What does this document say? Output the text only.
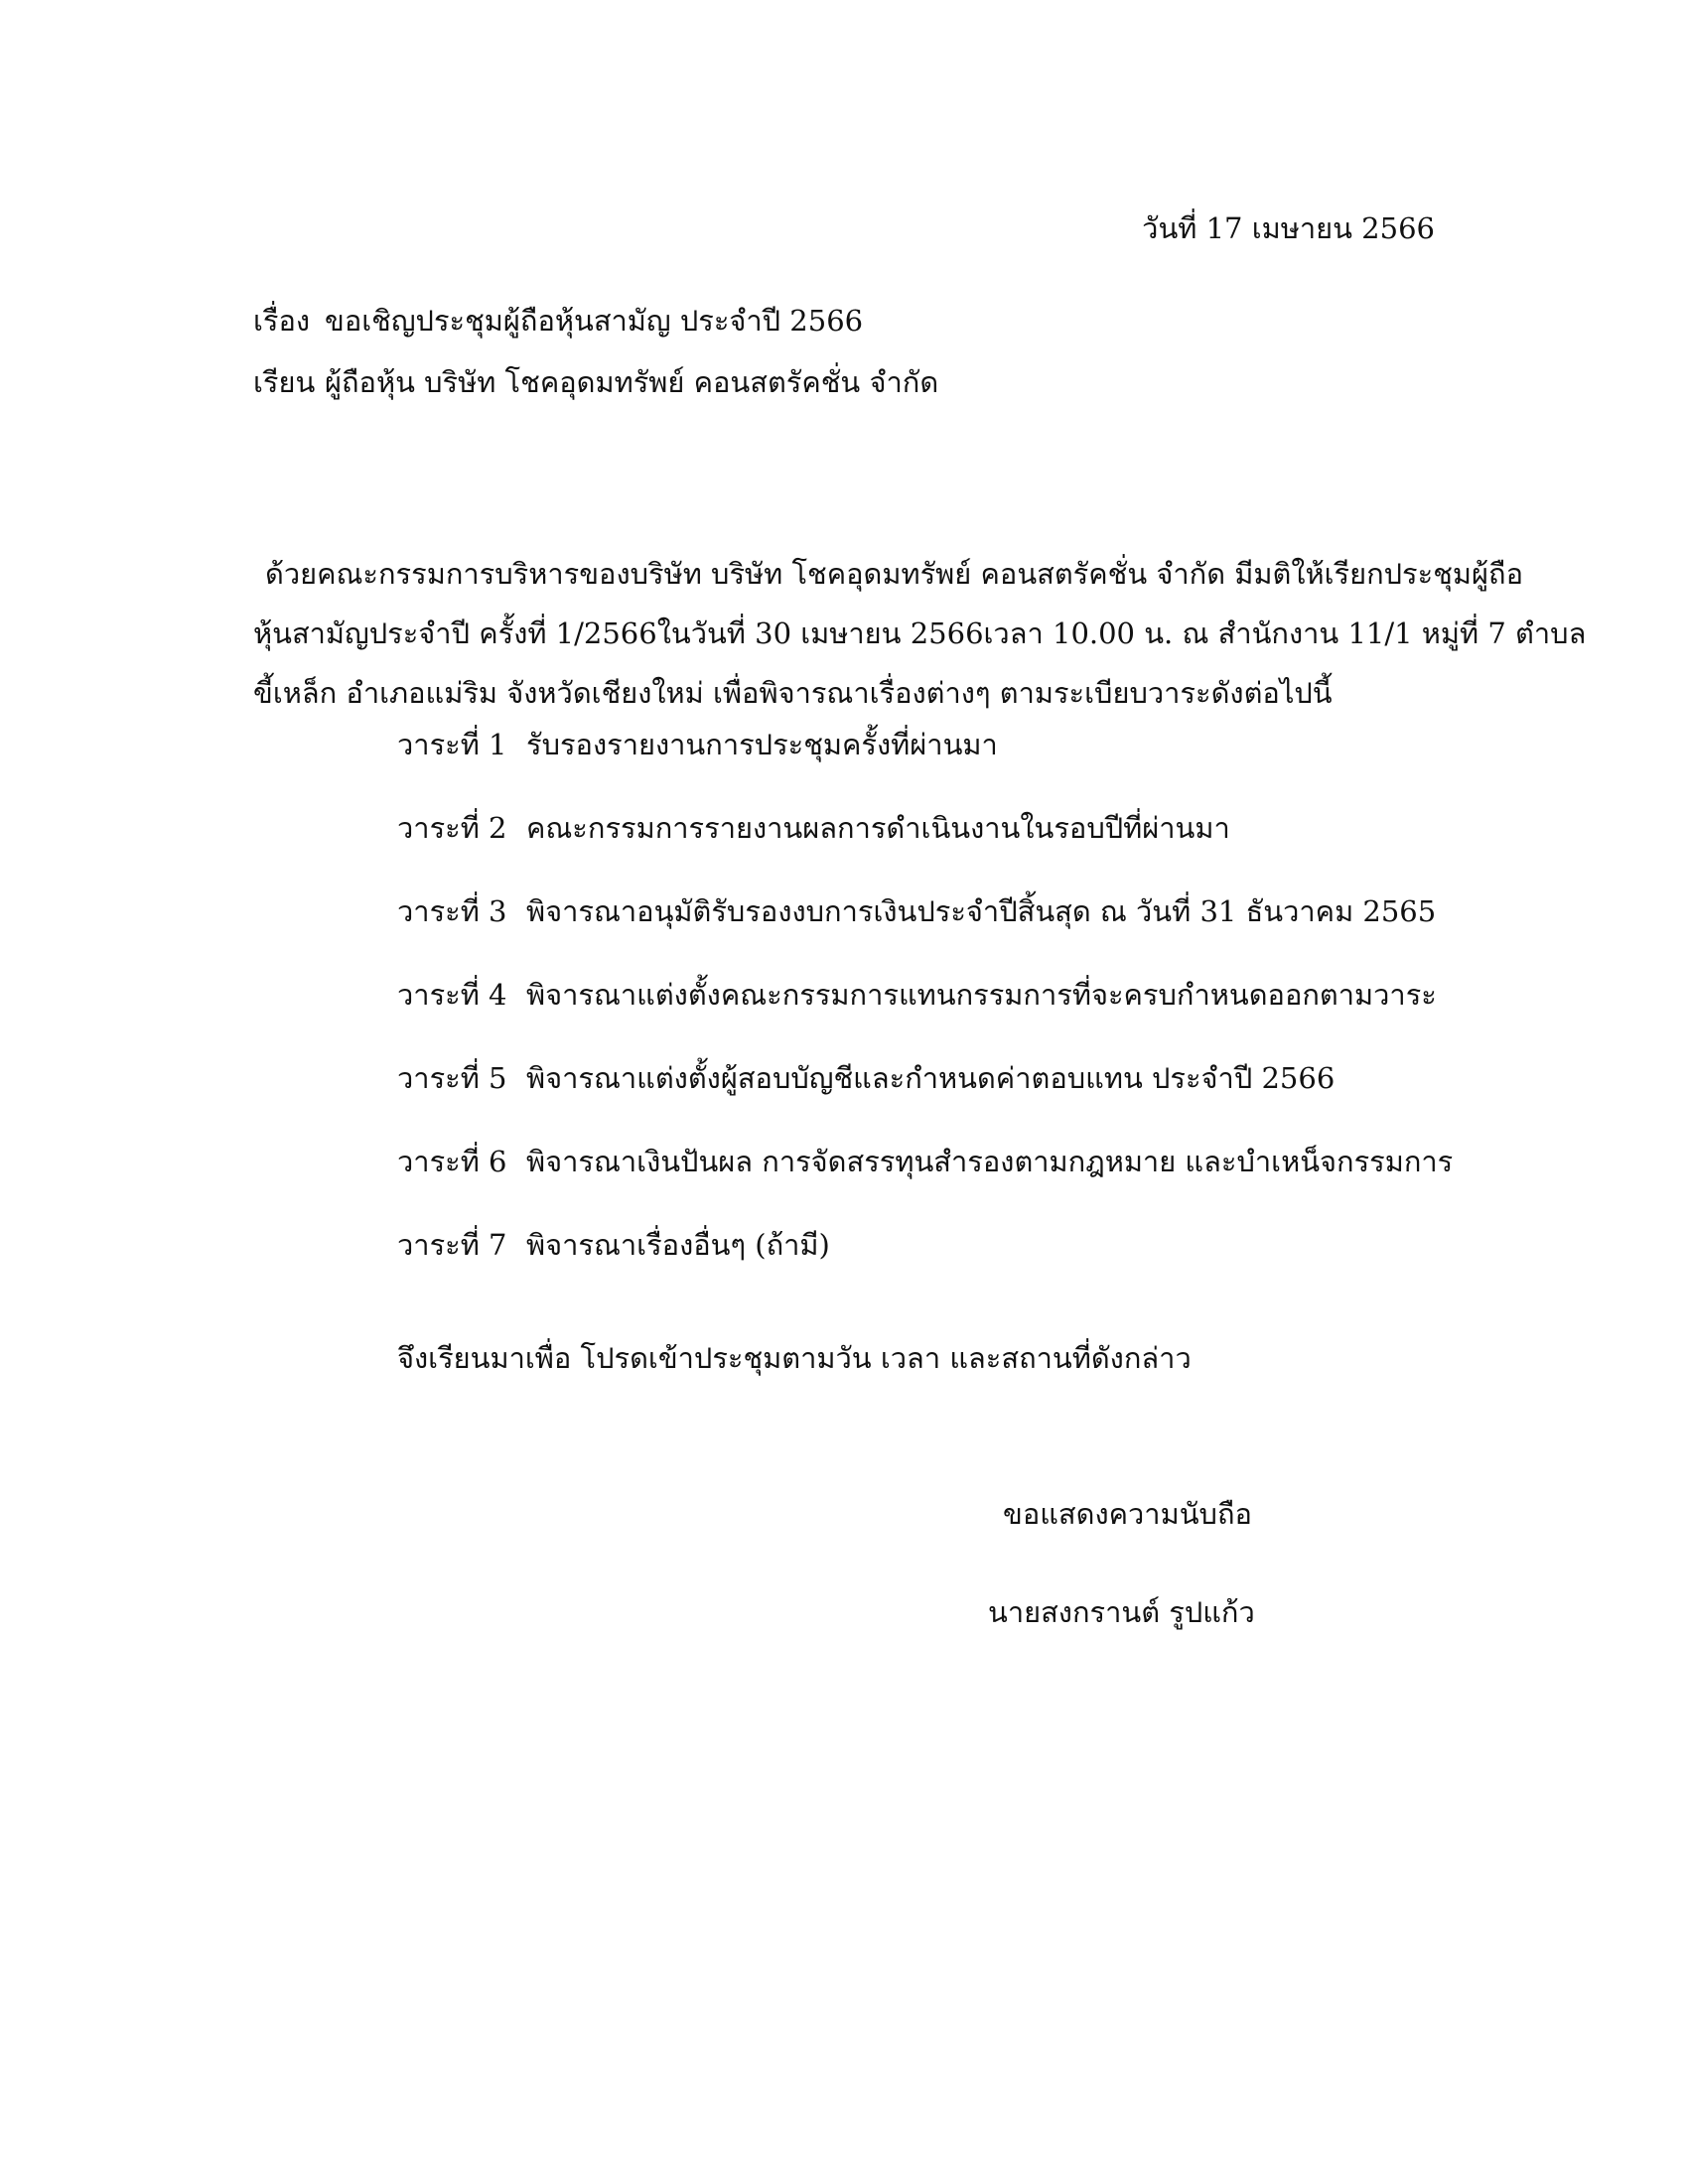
วันที่ 17 เมษายน 2566
เรื่อง ขอเชิญประชุมผู้ถือหุ้นสามัญ ประจำปี 2566
เรียน ผู้ถือหุ้น บริษัท โชคอุดมทรัพย์ คอนสตรัคชั่น จำกัด
ด้วยคณะกรรมการบริหารของบริษัท บริษัท โชคอุดมทรัพย์ คอนสตรัคชั่น จำกัด มีมติให้เรียกประชุมผู้ถือ
หุ้นสามัญประจำปี ครั้งที่ 1/2566ในวันที่ 30 เมษายน 2566เวลา 10.00 น. ณ สำนักงาน 11/1 หมู่ที่ 7 ตำบล
ขี้เหล็ก อำเภอแม่ริม จังหวัดเชียงใหม่ เพื่อพิจารณาเรื่องต่างๆ ตามระเบียบวาระดังต่อไปนี้
วาระที่ 1 รับรองรายงานการประชุมครั้งที่ผ่านมา
วาระที่ 2 คณะกรรมการรายงานผลการดำเนินงานในรอบปีที่ผ่านมา
วาระที่ 3 พิจารณาอนุมัติรับรองงบการเงินประจำปีสิ้นสุด ณ วันที่ 31 ธันวาคม 2565
วาระที่ 4 พิจารณาแต่งตั้งคณะกรรมการแทนกรรมการที่จะครบกำหนดออกตามวาระ
วาระที่ 5 พิจารณาแต่งตั้งผู้สอบบัญชีและกำหนดค่าตอบแทน ประจำปี 2566
วาระที่ 6 พิจารณาเงินปันผล การจัดสรรทุนสำรองตามกฎหมาย และบำเหน็จกรรมการ
วาระที่ 7 พิจารณาเรื่องอื่นๆ (ถ้ามี)
จึงเรียนมาเพื่อ โปรดเข้าประชุมตามวัน เวลา และสถานที่ดังกล่าว
ขอแสดงความนับถือ
นายสงกรานต์ รูปแก้ว
